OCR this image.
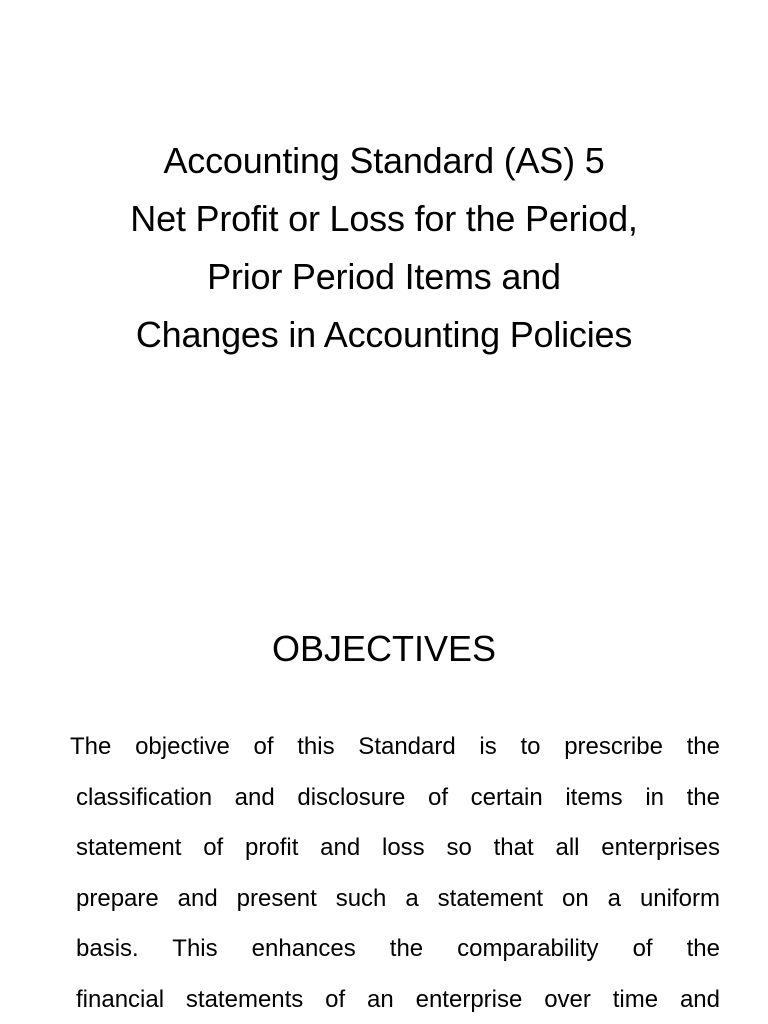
Accounting Standard (AS) 5
Net Profit or Loss for the Period,
Prior Period Items and
Changes in Accounting Policies
OBJECTIVES
The objective of this Standard is to prescribe the
classification and disclosure of certain items in the
statement of profit and loss so that all enterprises
prepare and present such a statement on a uniform
basis. This enhances the comparability of the
financial statements of an enterprise over time and
